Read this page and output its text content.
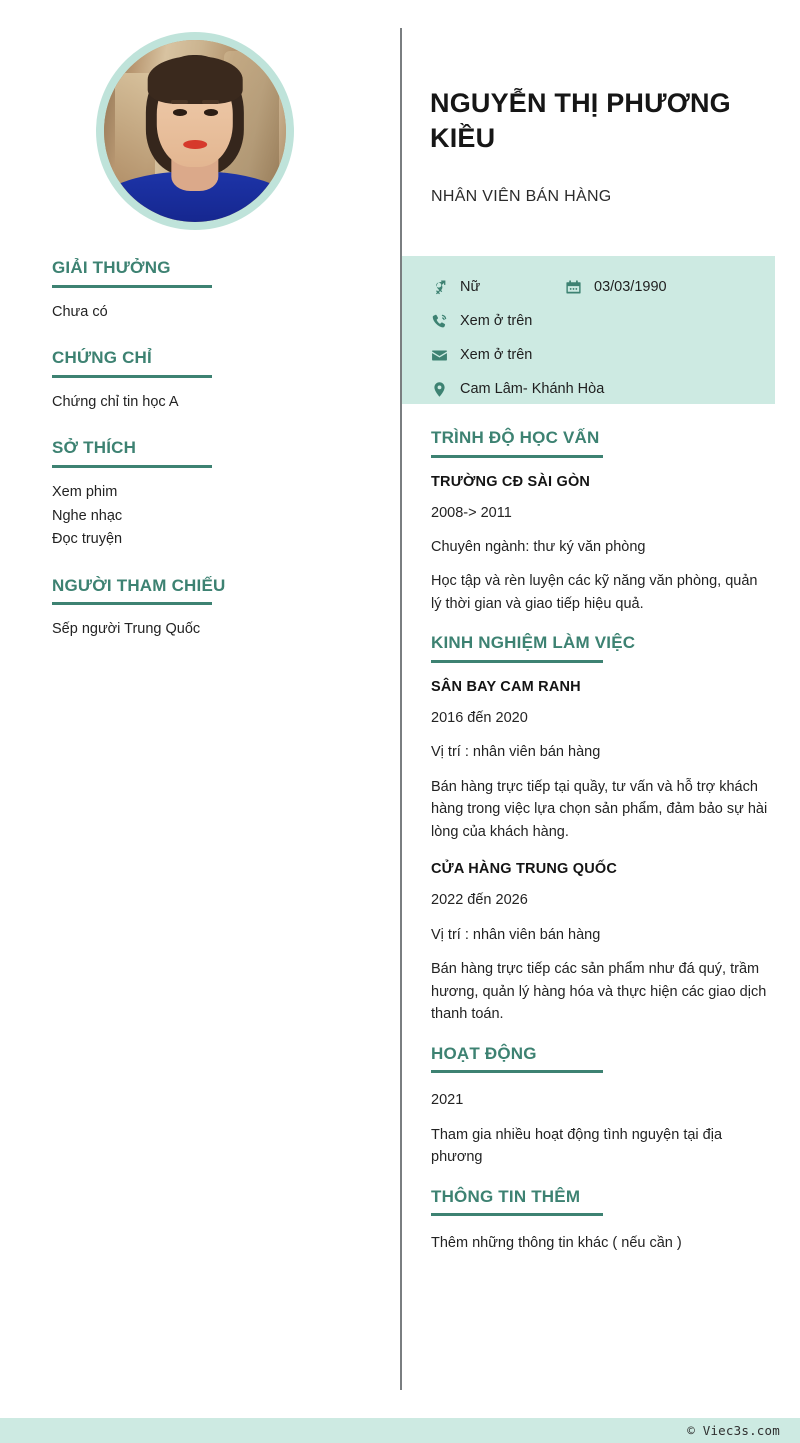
GIẢI THƯỞNG
Chưa có
CHỨNG CHỈ
Chứng chỉ tin học A
SỞ THÍCH
Xem phim
Nghe nhạc
Đọc truyện
NGƯỜI THAM CHIẾU
Sếp người Trung Quốc
NGUYỄN THỊ PHƯƠNG KIỀU
NHÂN VIÊN BÁN HÀNG
Nữ	03/03/1990
Xem ở trên
Xem ở trên
Cam Lâm- Khánh Hòa
TRÌNH ĐỘ HỌC VẤN
TRƯỜNG CĐ SÀI GÒN
2008-> 2011
Chuyên ngành: thư ký văn phòng
Học tập và rèn luyện các kỹ năng văn phòng, quản lý thời gian và giao tiếp hiệu quả.
KINH NGHIỆM LÀM VIỆC
SÂN BAY CAM RANH
2016 đến 2020
Vị trí : nhân viên bán hàng
Bán hàng trực tiếp tại quầy, tư vấn và hỗ trợ khách hàng trong việc lựa chọn sản phẩm, đảm bảo sự hài lòng của khách hàng.
CỬA HÀNG TRUNG QUỐC
2022 đến 2026
Vị trí : nhân viên bán hàng
Bán hàng trực tiếp các sản phẩm như đá quý, trầm hương, quản lý hàng hóa và thực hiện các giao dịch thanh toán.
HOẠT ĐỘNG
2021
Tham gia nhiều hoạt động tình nguyện tại địa phương
THÔNG TIN THÊM
Thêm những thông tin khác ( nếu cần )
© Viec3s.com
